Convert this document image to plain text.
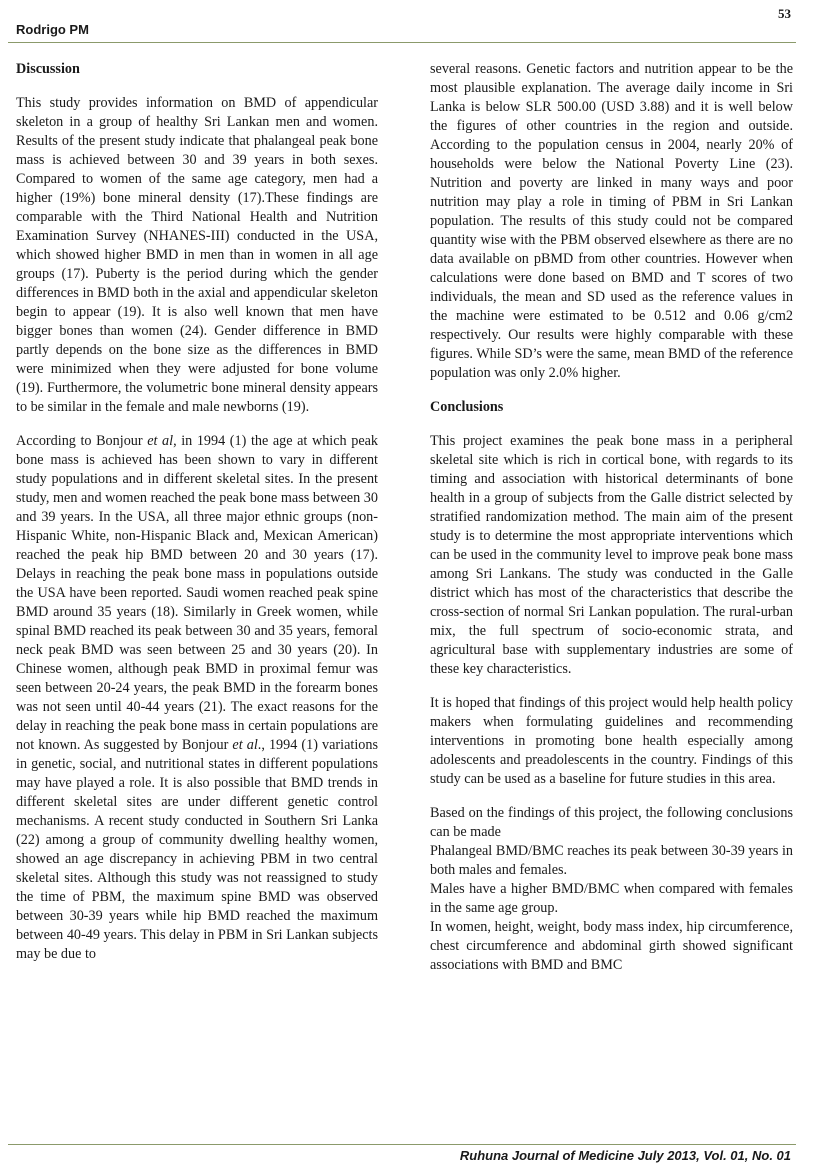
53
Rodrigo PM
Discussion

This study provides information on BMD of appendicular skeleton in a group of healthy Sri Lankan men and women. Results of the present study indicate that phalangeal peak bone mass is achieved between 30 and 39 years in both sexes. Compared to women of the same age category, men had a higher (19%) bone mineral density (17).These findings are comparable with the Third National Health and Nutrition Examination Survey (NHANES-III) conducted in the USA, which showed higher BMD in men than in women in all age groups (17). Puberty is the period during which the gender differences in BMD both in the axial and appendicular skeleton begin to appear (19). It is also well known that men have bigger bones than women (24). Gender difference in BMD partly depends on the bone size as the differences in BMD were minimized when they were adjusted for bone volume (19). Furthermore, the volumetric bone mineral density appears to be similar in the female and male newborns (19).

According to Bonjour et al, in 1994 (1) the age at which peak bone mass is achieved has been shown to vary in different study populations and in different skeletal sites. In the present study, men and women reached the peak bone mass between 30 and 39 years. In the USA, all three major ethnic groups (non-Hispanic White, non-Hispanic Black and, Mexican American) reached the peak hip BMD between 20 and 30 years (17). Delays in reaching the peak bone mass in populations outside the USA have been reported. Saudi women reached peak spine BMD around 35 years (18). Similarly in Greek women, while spinal BMD reached its peak between 30 and 35 years, femoral neck peak BMD was seen between 25 and 30 years (20). In Chinese women, although peak BMD in proximal femur was seen between 20-24 years, the peak BMD in the forearm bones was not seen until 40-44 years (21). The exact reasons for the delay in reaching the peak bone mass in certain populations are not known. As suggested by Bonjour et al., 1994 (1) variations in genetic, social, and nutritional states in different populations may have played a role. It is also possible that BMD trends in different skeletal sites are under different genetic control mechanisms. A recent study conducted in Southern Sri Lanka (22) among a group of community dwelling healthy women, showed an age discrepancy in achieving PBM in two central skeletal sites. Although this study was not reassigned to study the time of PBM, the maximum spine BMD was observed between 30-39 years while hip BMD reached the maximum between 40-49 years. This delay in PBM in Sri Lankan subjects may be due to

several reasons. Genetic factors and nutrition appear to be the most plausible explanation. The average daily income in Sri Lanka is below SLR 500.00 (USD 3.88) and it is well below the figures of other countries in the region and outside. According to the population census in 2004, nearly 20% of households were below the National Poverty Line (23). Nutrition and poverty are linked in many ways and poor nutrition may play a role in timing of PBM in Sri Lankan population. The results of this study could not be compared quantity wise with the PBM observed elsewhere as there are no data available on pBMD from other countries. However when calculations were done based on BMD and T scores of two individuals, the mean and SD used as the reference values in the machine were estimated to be 0.512 and 0.06 g/cm2 respectively. Our results were highly comparable with these figures. While SD’s were the same, mean BMD of the reference population was only 2.0% higher.

Conclusions

This project examines the peak bone mass in a peripheral skeletal site which is rich in cortical bone, with regards to its timing and association with historical determinants of bone health in a group of subjects from the Galle district selected by stratified randomization method. The main aim of the present study is to determine the most appropriate interventions which can be used in the community level to improve peak bone mass among Sri Lankans. The study was conducted in the Galle district which has most of the characteristics that describe the cross-section of normal Sri Lankan population. The rural-urban mix, the full spectrum of socio-economic strata, and agricultural base with supplementary industries are some of these key characteristics.

It is hoped that findings of this project would help health policy makers when formulating guidelines and recommending interventions in promoting bone health especially among adolescents and preadolescents in the country. Findings of this study can be used as a baseline for future studies in this area.

Based on the findings of this project, the following conclusions can be made

Phalangeal BMD/BMC reaches its peak between 30-39 years in both males and females.

Males have a higher BMD/BMC when compared with females in the same age group.

In women, height, weight, body mass index, hip circumference, chest circumference and abdominal girth showed significant associations with BMD and BMC

Ruhuna Journal of Medicine July 2013, Vol. 01, No. 01
